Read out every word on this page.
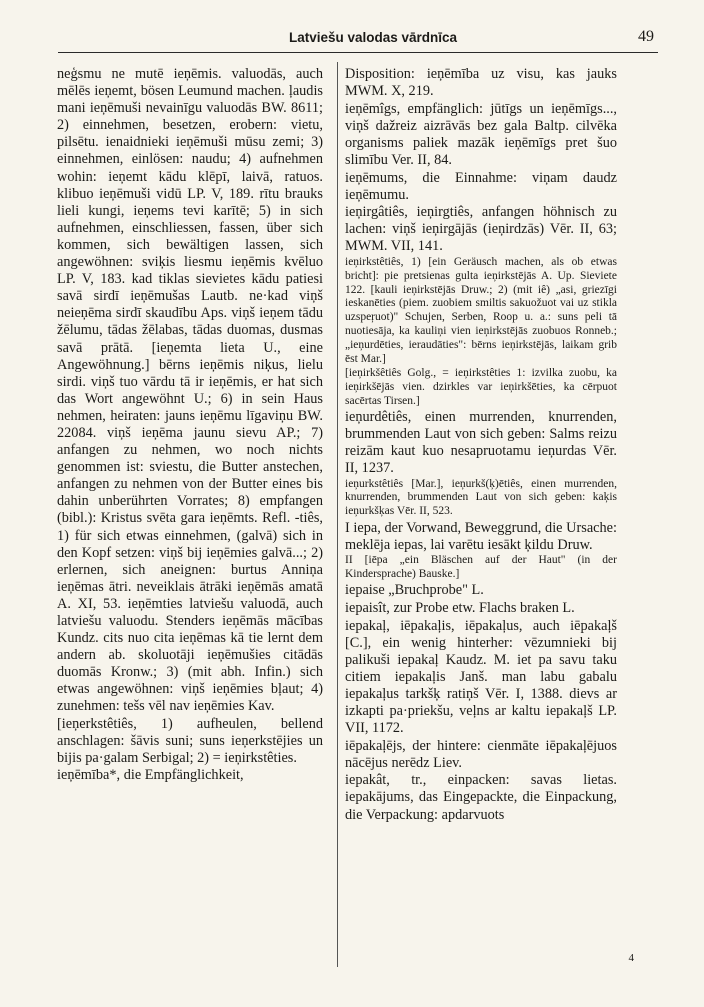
Latviešu valodas vārdnīca	49

neģsmu ne mutē ieņēmis. valuodās, auch mēlēs ieņemt, bösen Leumund machen. ļaudis mani ieņēmuši nevainīgu valuodās BW. 8611; 2) einnehmen, besetzen, erobern: vietu, pilsētu. ienaidnieki ieņēmuši mūsu zemi; 3) einnehmen, einlösen: naudu; 4) aufnehmen wohin: ieņemt kādu klēpī, laivā, ratuos. klibuo ieņēmuši vidū LP. V, 189. rītu brauks lieli kungi, ieņems tevi karītē; 5) in sich aufnehmen, einschliessen, fassen, über sich kommen, sich bewältigen lassen, sich angewöhnen: sviķis liesmu ieņēmis kvēluo LP. V, 183. kad tiklas sievietes kādu patiesi savā sirdī ieņēmušas Lautb. ne·kad viņš neieņēma sirdī skaudību Aps. viņš ieņem tādu žēlumu, tādas žēlabas, tādas duomas, dusmas savā prātā. [ieņemta lieta U., eine Angewöhnung.] bērns ieņēmis niķus, lielu sirdi. viņš tuo vārdu tā ir ieņēmis, er hat sich das Wort angewöhnt U.; 6) in sein Haus nehmen, heiraten: jauns ieņēmu līgaviņu BW. 22084. viņš ieņēma jaunu sievu AP.; 7) anfangen zu nehmen, wo noch nichts genommen ist: sviestu, die Butter anstechen, anfangen zu nehmen von der Butter eines bis dahin unberührten Vorrates; 8) empfangen (bibl.): Kristus svēta gara ieņēmts. Refl. -tiês, 1) für sich etwas einnehmen, (galvā) sich in den Kopf setzen: viņš bij ieņēmies galvā...; 2) erlernen, sich aneignen: burtus Anniņa ieņēmas ātri. neveiklais ātrāki ieņēmās amatā A. XI, 53. ieņēmties latviešu valuodā, auch latviešu valuodu. Stenders ieņēmās mācības Kundz. cits nuo cita ieņēmas kā tie lernt dem andern ab. skoluotāji ieņēmušies citādās duomās Kronw.; 3) (mit abh. Infin.) sich etwas angewöhnen: viņš ieņēmies bļaut; 4) zunehmen: tešs vēl nav ieņēmies Kav.

[ieņerkstêtiês, 1) aufheulen, bellend anschlagen: šāvis suni; suns ieņerkstējies un bijis pa·galam Serbigal; 2) = ieņirkstêties.

ieņēmība*, die Empfänglichkeit,

Disposition: ieņēmība uz visu, kas jauks MWM. X, 219.

ieņēmîgs, empfänglich: jūtīgs un ieņēmīgs..., viņš dažreiz aizrāvās bez gala Baltp. cilvēka organisms paliek mazāk ieņēmīgs pret šuo slimību Ver. II, 84.

ieņēmums, die Einnahme: viņam daudz ieņēmumu.

ieņirgâtiês, ieņirgtiês, anfangen höhnisch zu lachen: viņš ieņirgājās (ieņirdzās) Vēr. II, 63; MWM. VII, 141.

ieņirkstêtiês, 1) [ein Geräusch machen, als ob etwas bricht]: pie pretsienas gulta ieņirkstējās A. Up. Sieviete 122. [kauli ieņirkstējās Druw.; 2) (mit iê) „asi, griezīgi ieskanēties (piem. zuobiem smiltis sakuožuot vai uz stikla uzspeŗuot)" Schujen, Serben, Roop u. a.: suns peli tā nuotiesāja, ka kauliņi vien ieņirkstējās zuobuos Ronneb.; „ieņurdēties, ieraudāties": bērns ieņirkstējās, laikam grib ēst Mar.]

[ieņirkšêtiês Golg., = ieņirkstêties 1: izvilka zuobu, ka ieņirkšējās vien. dzirkles var ieņirkšēties, ka cērpuot sacērtas Tirsen.]

ieņurdêtiês, einen murrenden, knurrenden, brummenden Laut von sich geben: Salms reizu reizām kaut kuo nesapruotamu ieņurdas Vēr. II, 1237.

ieņurkstêtiês [Mar.], ieņurkš(ķ)ētiês, einen murrenden, knurrenden, brummenden Laut von sich geben: kaķis ieņurkšķas Vēr. II, 523.

I iepa, der Vorwand, Beweggrund, die Ursache: meklēja iepas, lai varētu iesākt ķildu Druw.

II [iēpa „ein Bläschen auf der Haut" (in der Kindersprache) Bauske.]

iepaise „Bruchprobe" L.

iepaisît, zur Probe etw. Flachs braken L.

iepakaļ, iēpakaļis, iēpakaļus, auch iēpakaļš [C.], ein wenig hinterher: vēzumnieki bij palikuši iepakaļ Kaudz. M. iet pa savu taku citiem iepakaļis Janš. man labu gabalu iepakaļus tarkšķ ratiņš Vēr. I, 1388. dievs ar izkapti pa·priekšu, veļns ar kaltu iepakaļš LP. VII, 1172.

iēpakaļējs, der hintere: cienmāte iēpakaļējuos nācējus nerēdz Liev.

iepakât, tr., einpacken: savas lietas. iepakājums, das Eingepackte, die Einpackung, die Verpackung: apdarvuots

4
